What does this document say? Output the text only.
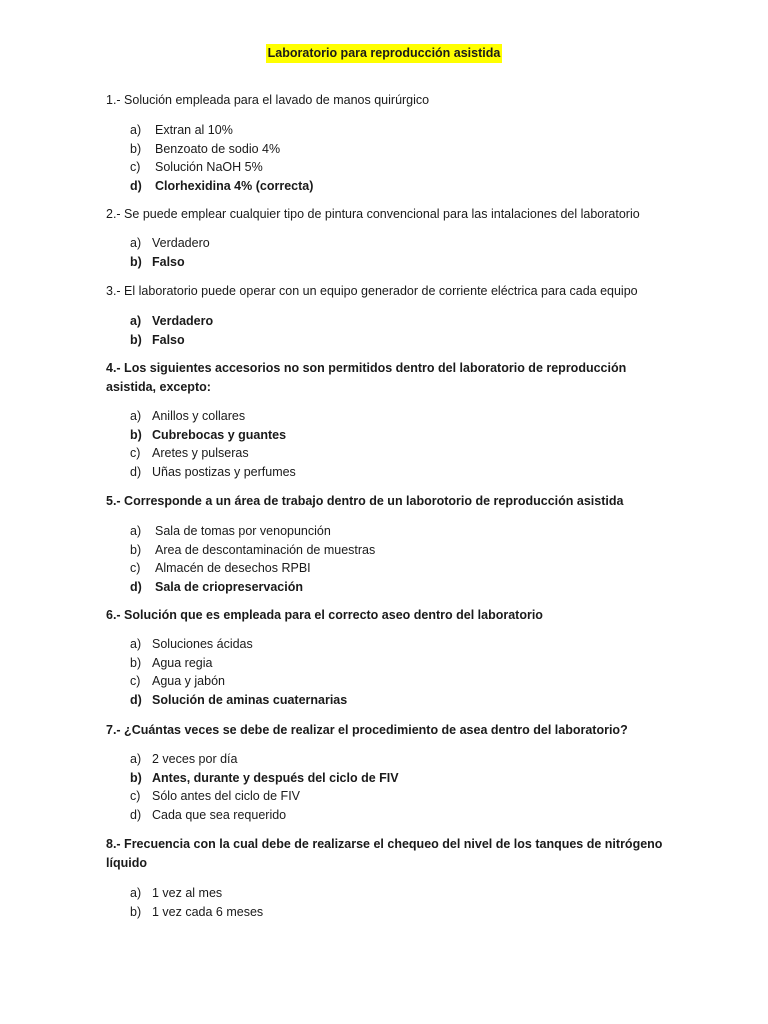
Laboratorio para reproducción asistida
1.- Solución empleada para el lavado de manos quirúrgico
a) Extran al 10%
b) Benzoato de sodio 4%
c) Solución NaOH 5%
d) Clorhexidina 4% (correcta)
2.- Se puede emplear cualquier tipo de pintura convencional para las intalaciones del laboratorio
a) Verdadero
b) Falso
3.- El laboratorio puede operar con un equipo generador de corriente eléctrica para cada equipo
a) Verdadero
b) Falso
4.- Los siguientes accesorios no son permitidos dentro del laboratorio de reproducción asistida, excepto:
a) Anillos y collares
b) Cubrebocas y guantes
c) Aretes y pulseras
d) Uñas postizas y perfumes
5.- Corresponde a un área de trabajo dentro de un laborotorio de reproducción asistida
a) Sala de tomas por venopunción
b) Area de descontaminación de muestras
c) Almacén de desechos RPBI
d) Sala de criopreservación
6.- Solución que es empleada para el correcto aseo dentro del laboratorio
a) Soluciones ácidas
b) Agua regia
c) Agua y jabón
d) Solución de aminas cuaternarias
7.- ¿Cuántas veces se debe de realizar el procedimiento de asea dentro del laboratorio?
a) 2 veces por día
b) Antes, durante y después del ciclo de FIV
c) Sólo antes del ciclo de FIV
d) Cada que sea requerido
8.- Frecuencia con la cual debe de realizarse el chequeo del nivel de los tanques de nitrógeno líquido
a) 1 vez al mes
b) 1 vez cada 6 meses
